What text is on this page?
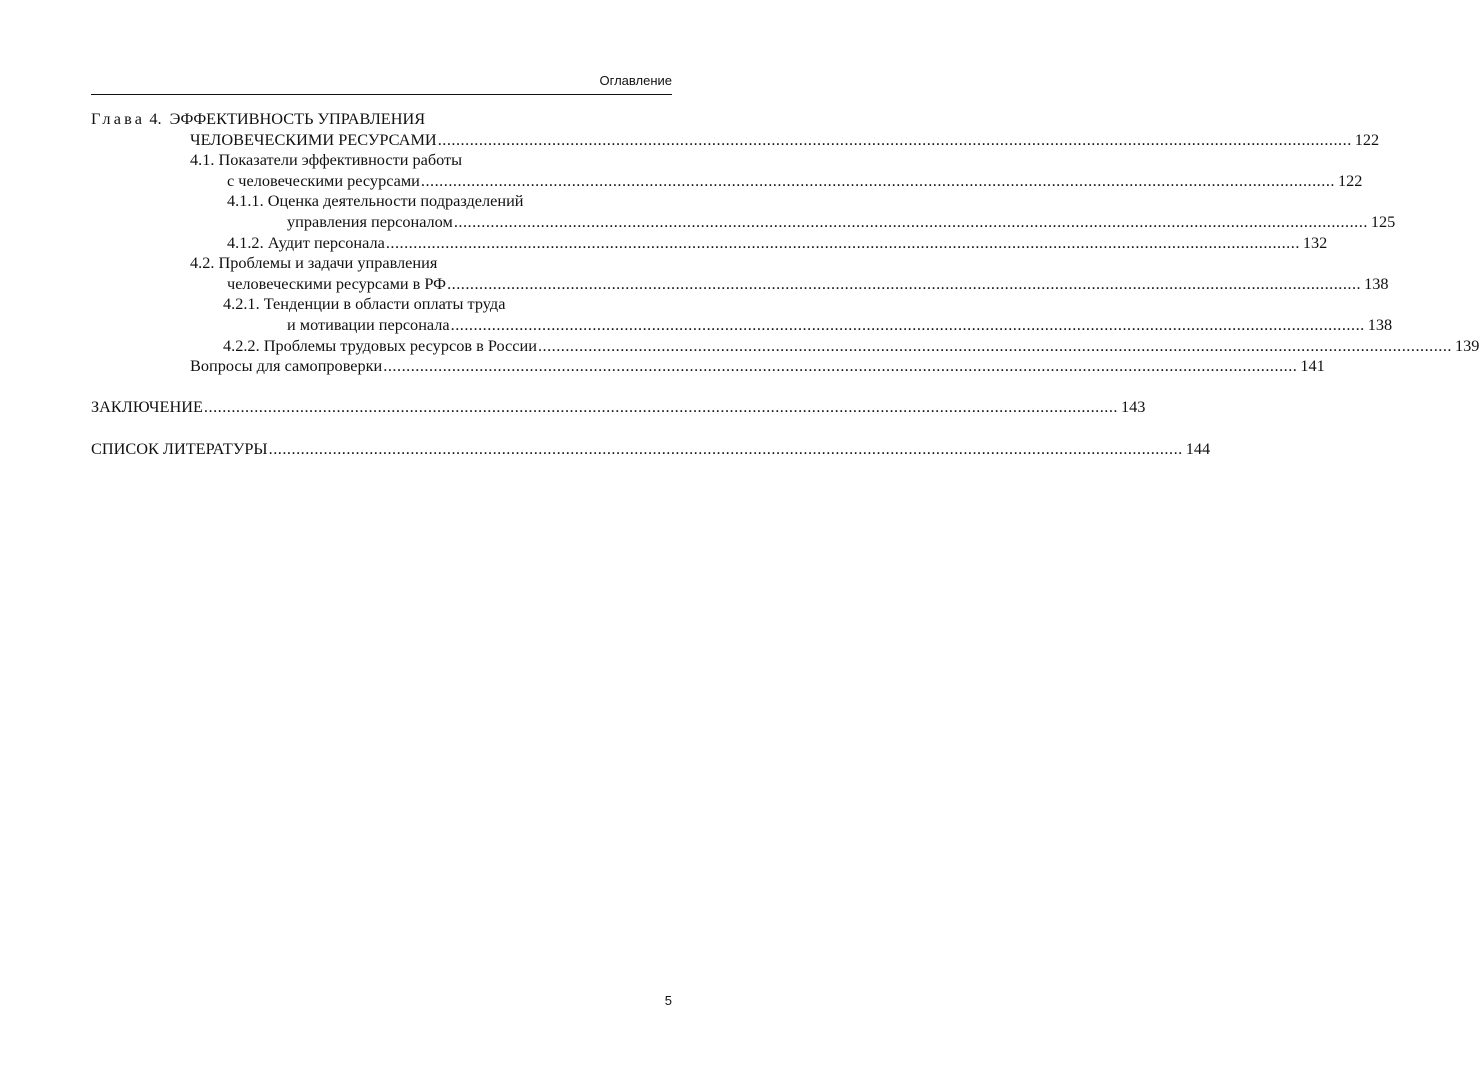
Оглавление
Глава 4. ЭФФЕКТИВНОСТЬ УПРАВЛЕНИЯ
ЧЕЛОВЕЧЕСКИМИ РЕСУРСАМИ ........................................................................................................................................................................................................ 122
4.1. Показатели эффективности работы
с человеческими ресурсами ........................................................................................................................................................................................................ 122
4.1.1. Оценка деятельности подразделений
управления персоналом ........................................................................................................................................................................................................ 125
4.1.2. Аудит персонала ........................................................................................................................................................................................................ 132
4.2. Проблемы и задачи управления
человеческими ресурсами в РФ ........................................................................................................................................................................................................ 138
4.2.1. Тенденции в области оплаты труда
и мотивации персонала ........................................................................................................................................................................................................ 138
4.2.2. Проблемы трудовых ресурсов в России ........................................................................................................................................................................................................ 139
Вопросы для самопроверки ........................................................................................................................................................................................................ 141
ЗАКЛЮЧЕНИЕ ........................................................................................................................................................................................................ 143
СПИСОК ЛИТЕРАТУРЫ ........................................................................................................................................................................................................ 144
5
